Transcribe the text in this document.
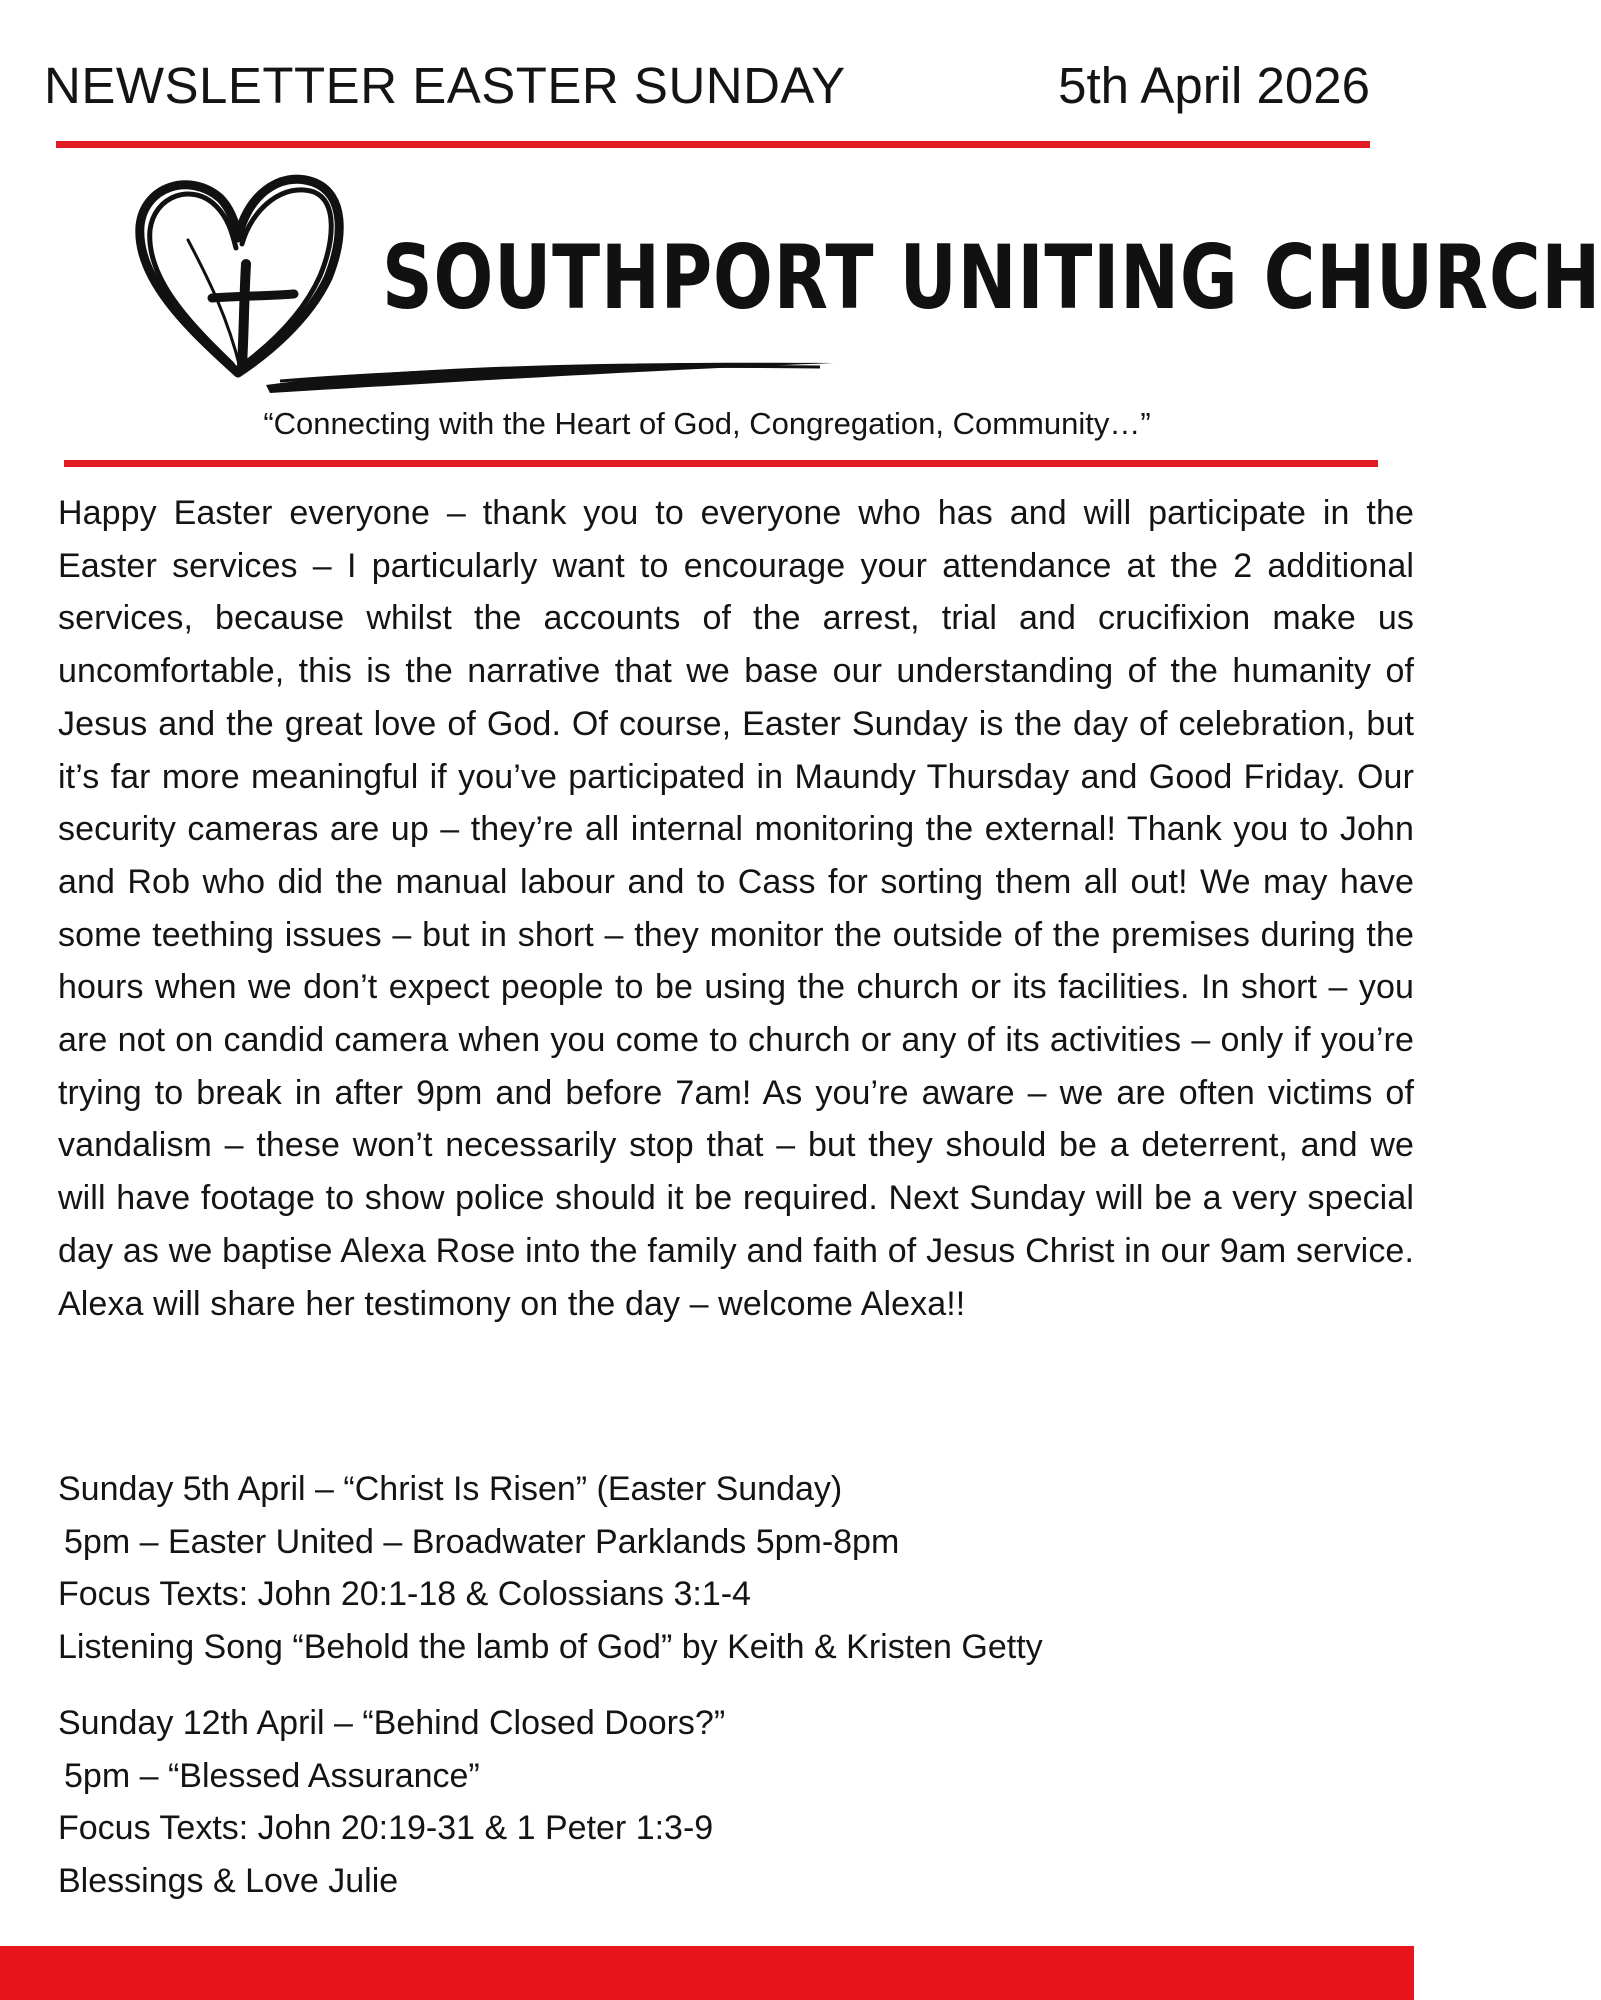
NEWSLETTER EASTER SUNDAY	5th April 2026
SOUTHPORT UNITING CHURCH
“Connecting with the Heart of God, Congregation, Community…”
Happy Easter everyone – thank you to everyone who has and will participate in the Easter services – I particularly want to encourage your attendance at the 2 additional services, because whilst the accounts of the arrest, trial and crucifixion make us uncomfortable, this is the narrative that we base our understanding of the humanity of Jesus and the great love of God. Of course, Easter Sunday is the day of celebration, but it’s far more meaningful if you’ve participated in Maundy Thursday and Good Friday. Our security cameras are up – they’re all internal monitoring the external! Thank you to John and Rob who did the manual labour and to Cass for sorting them all out! We may have some teething issues – but in short – they monitor the outside of the premises during the hours when we don’t expect people to be using the church or its facilities. In short – you are not on candid camera when you come to church or any of its activities – only if you’re trying to break in after 9pm and before 7am! As you’re aware – we are often victims of vandalism – these won’t necessarily stop that – but they should be a deterrent, and we will have footage to show police should it be required. Next Sunday will be a very special day as we baptise Alexa Rose into the family and faith of Jesus Christ in our 9am service. Alexa will share her testimony on the day – welcome Alexa!!
Sunday 5th April – “Christ Is Risen” (Easter Sunday)
5pm – Easter United – Broadwater Parklands 5pm-8pm
Focus Texts: John 20:1-18 & Colossians 3:1-4
Listening Song “Behold the lamb of God” by Keith & Kristen Getty
Sunday 12th April – “Behind Closed Doors?”
5pm – “Blessed Assurance”
Focus Texts: John 20:19-31 & 1 Peter 1:3-9
Blessings & Love Julie
